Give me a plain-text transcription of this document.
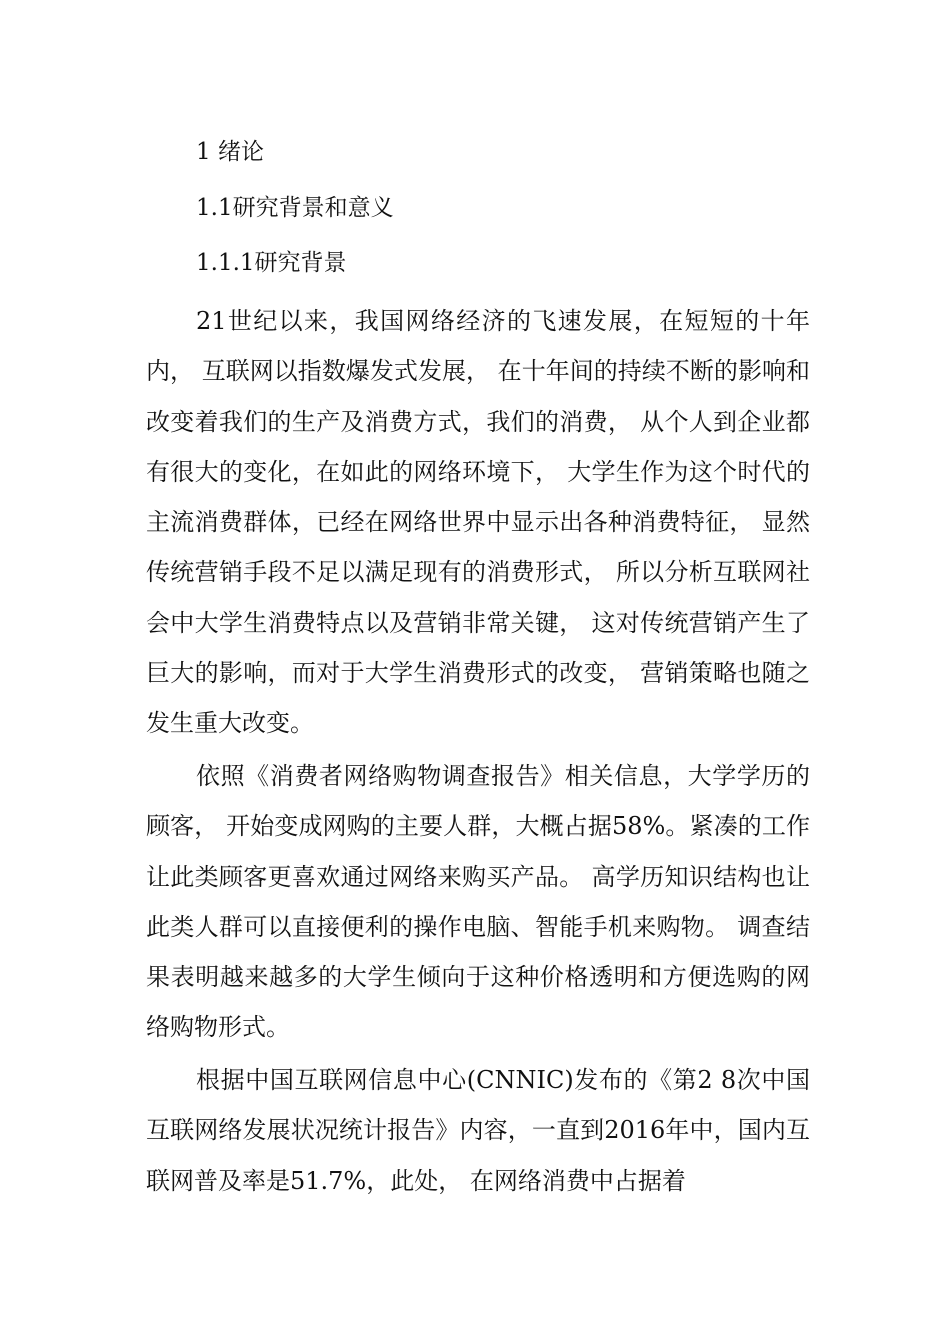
1 绪论
1.1研究背景和意义
1.1.1研究背景

21世纪以来，我国网络经济的飞速发展，在短短的十年内， 互联网以指数爆发式发展， 在十年间的持续不断的影响和改变着我们的生产及消费方式，我们的消费， 从个人到企业都有很大的变化，在如此的网络环境下， 大学生作为这个时代的主流消费群体，已经在网络世界中显示出各种消费特征， 显然传统营销手段不足以满足现有的消费形式， 所以分析互联网社会中大学生消费特点以及营销非常关键， 这对传统营销产生了巨大的影响，而对于大学生消费形式的改变， 营销策略也随之发生重大改变。

依照《消费者网络购物调查报告》相关信息，大学学历的顾客， 开始变成网购的主要人群，大概占据58%。紧凑的工作让此类顾客更喜欢通过网络来购买产品。 高学历知识结构也让此类人群可以直接便利的操作电脑、智能手机来购物。 调查结果表明越来越多的大学生倾向于这种价格透明和方便选购的网络购物形式。

根据中国互联网信息中心(CNNIC)发布的《第2 8次中国互联网络发展状况统计报告》内容，一直到2016年中，国内互联网普及率是51.7%，此处， 在网络消费中占据着
